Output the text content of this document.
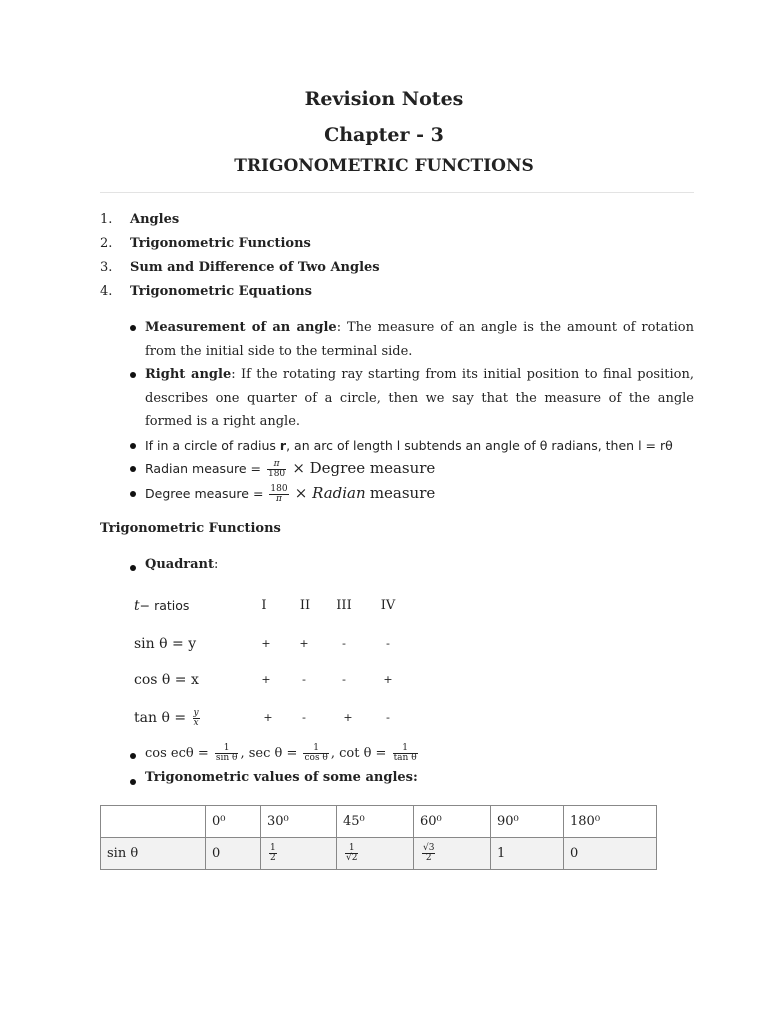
Revision Notes
Chapter - 3
TRIGONOMETRIC FUNCTIONS
1. Angles
2. Trigonometric Functions
3. Sum and Difference of Two Angles
4. Trigonometric Equations
Measurement of an angle: The measure of an angle is the amount of rotation from the initial side to the terminal side.
Right angle: If the rotating ray starting from its initial position to final position, describes one quarter of a circle, then we say that the measure of the angle formed is a right angle.
If in a circle of radius r, an arc of length l subtends an angle of θ radians, then l = rθ
Radian measure = $\frac{\pi}{180}$ × Degree measure
Degree measure = $\frac{180}{\pi}$ × Radian measure
Trigonometric Functions
Quadrant:
t− ratios	I	II	III IV
sin θ = y	+	+	-	-
cos θ = x	+	-	-	+
$\tan \theta = \frac{y}{x}$	+	-	+	-
$\cos ec\theta = \frac{1}{\text{sin θ}}$ , $\sec \theta = \frac{1}{\text{cos θ}}$ , $\cot \theta = \frac{1}{\text{tan θ}}$
Trigonometric values of some angles:
	0⁰	30⁰	45⁰	60⁰	90⁰	180⁰
sin θ	0	$\frac{1}{2}$	$\frac{1}{√2}$	$\frac{√3}{2}$	1	0
